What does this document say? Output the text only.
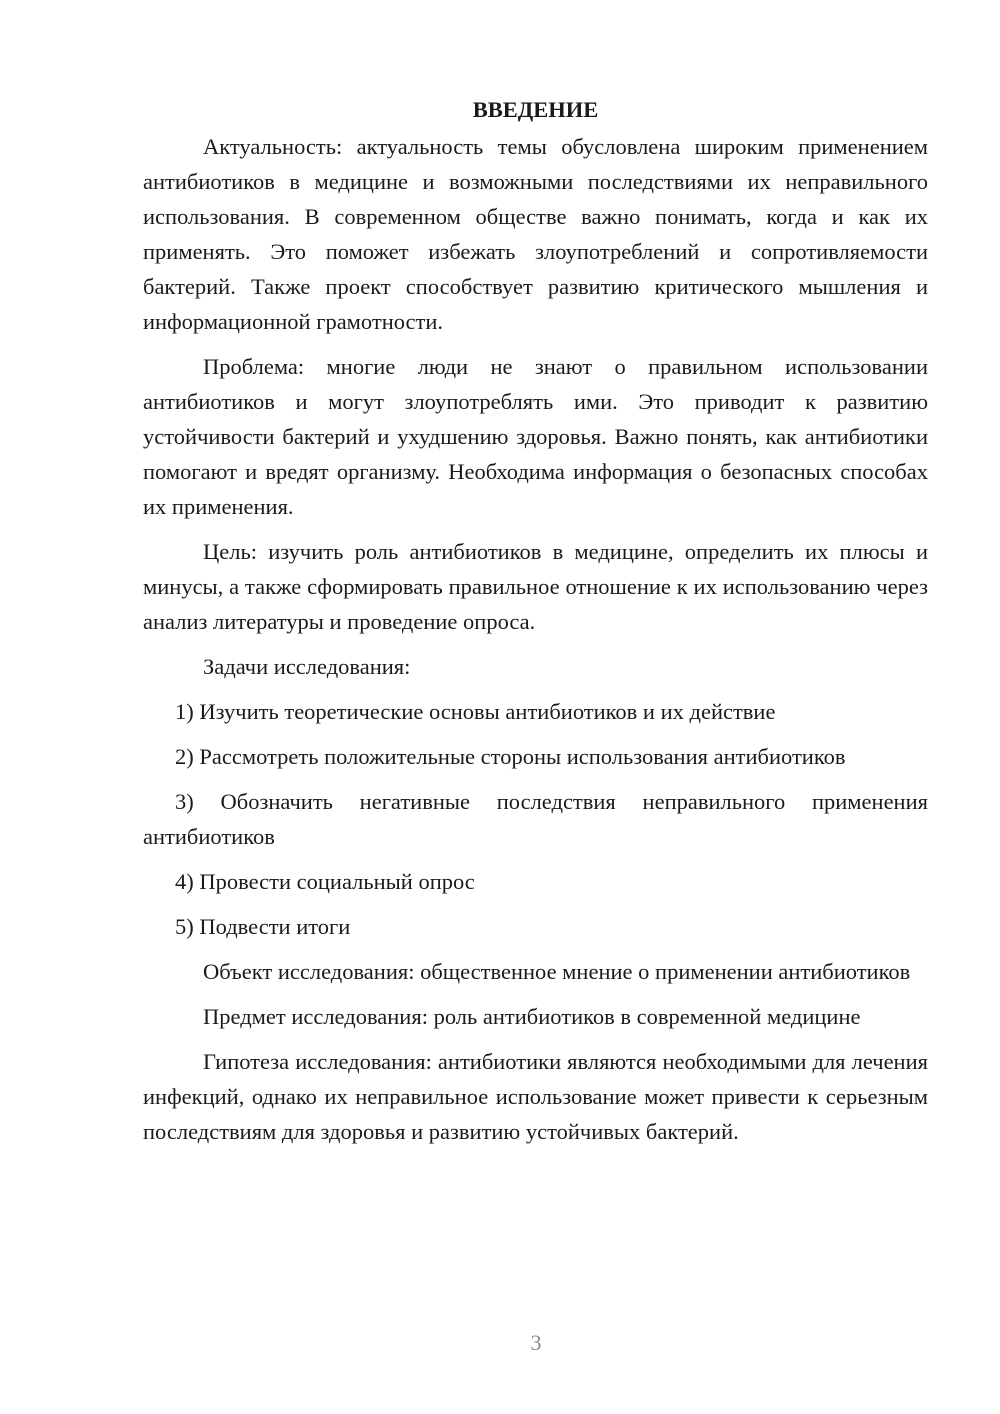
ВВЕДЕНИЕ

Актуальность: актуальность темы обусловлена широким применением антибиотиков в медицине и возможными последствиями их неправильного использования. В современном обществе важно понимать, когда и как их применять. Это поможет избежать злоупотреблений и сопротивляемости бактерий. Также проект способствует развитию критического мышления и информационной грамотности.

Проблема: многие люди не знают о правильном использовании антибиотиков и могут злоупотреблять ими. Это приводит к развитию устойчивости бактерий и ухудшению здоровья. Важно понять, как антибиотики помогают и вредят организму. Необходима информация о безопасных способах их применения.

Цель: изучить роль антибиотиков в медицине, определить их плюсы и минусы, а также сформировать правильное отношение к их использованию через анализ литературы и проведение опроса.

Задачи исследования:

1) Изучить теоретические основы антибиотиков и их действие

2) Рассмотреть положительные стороны использования антибиотиков

3) Обозначить негативные последствия неправильного применения антибиотиков

4) Провести социальный опрос

5) Подвести итоги

Объект исследования: общественное мнение о применении антибиотиков

Предмет исследования: роль антибиотиков в современной медицине

Гипотеза исследования: антибиотики являются необходимыми для лечения инфекций, однако их неправильное использование может привести к серьезным последствиям для здоровья и развитию устойчивых бактерий.

3
